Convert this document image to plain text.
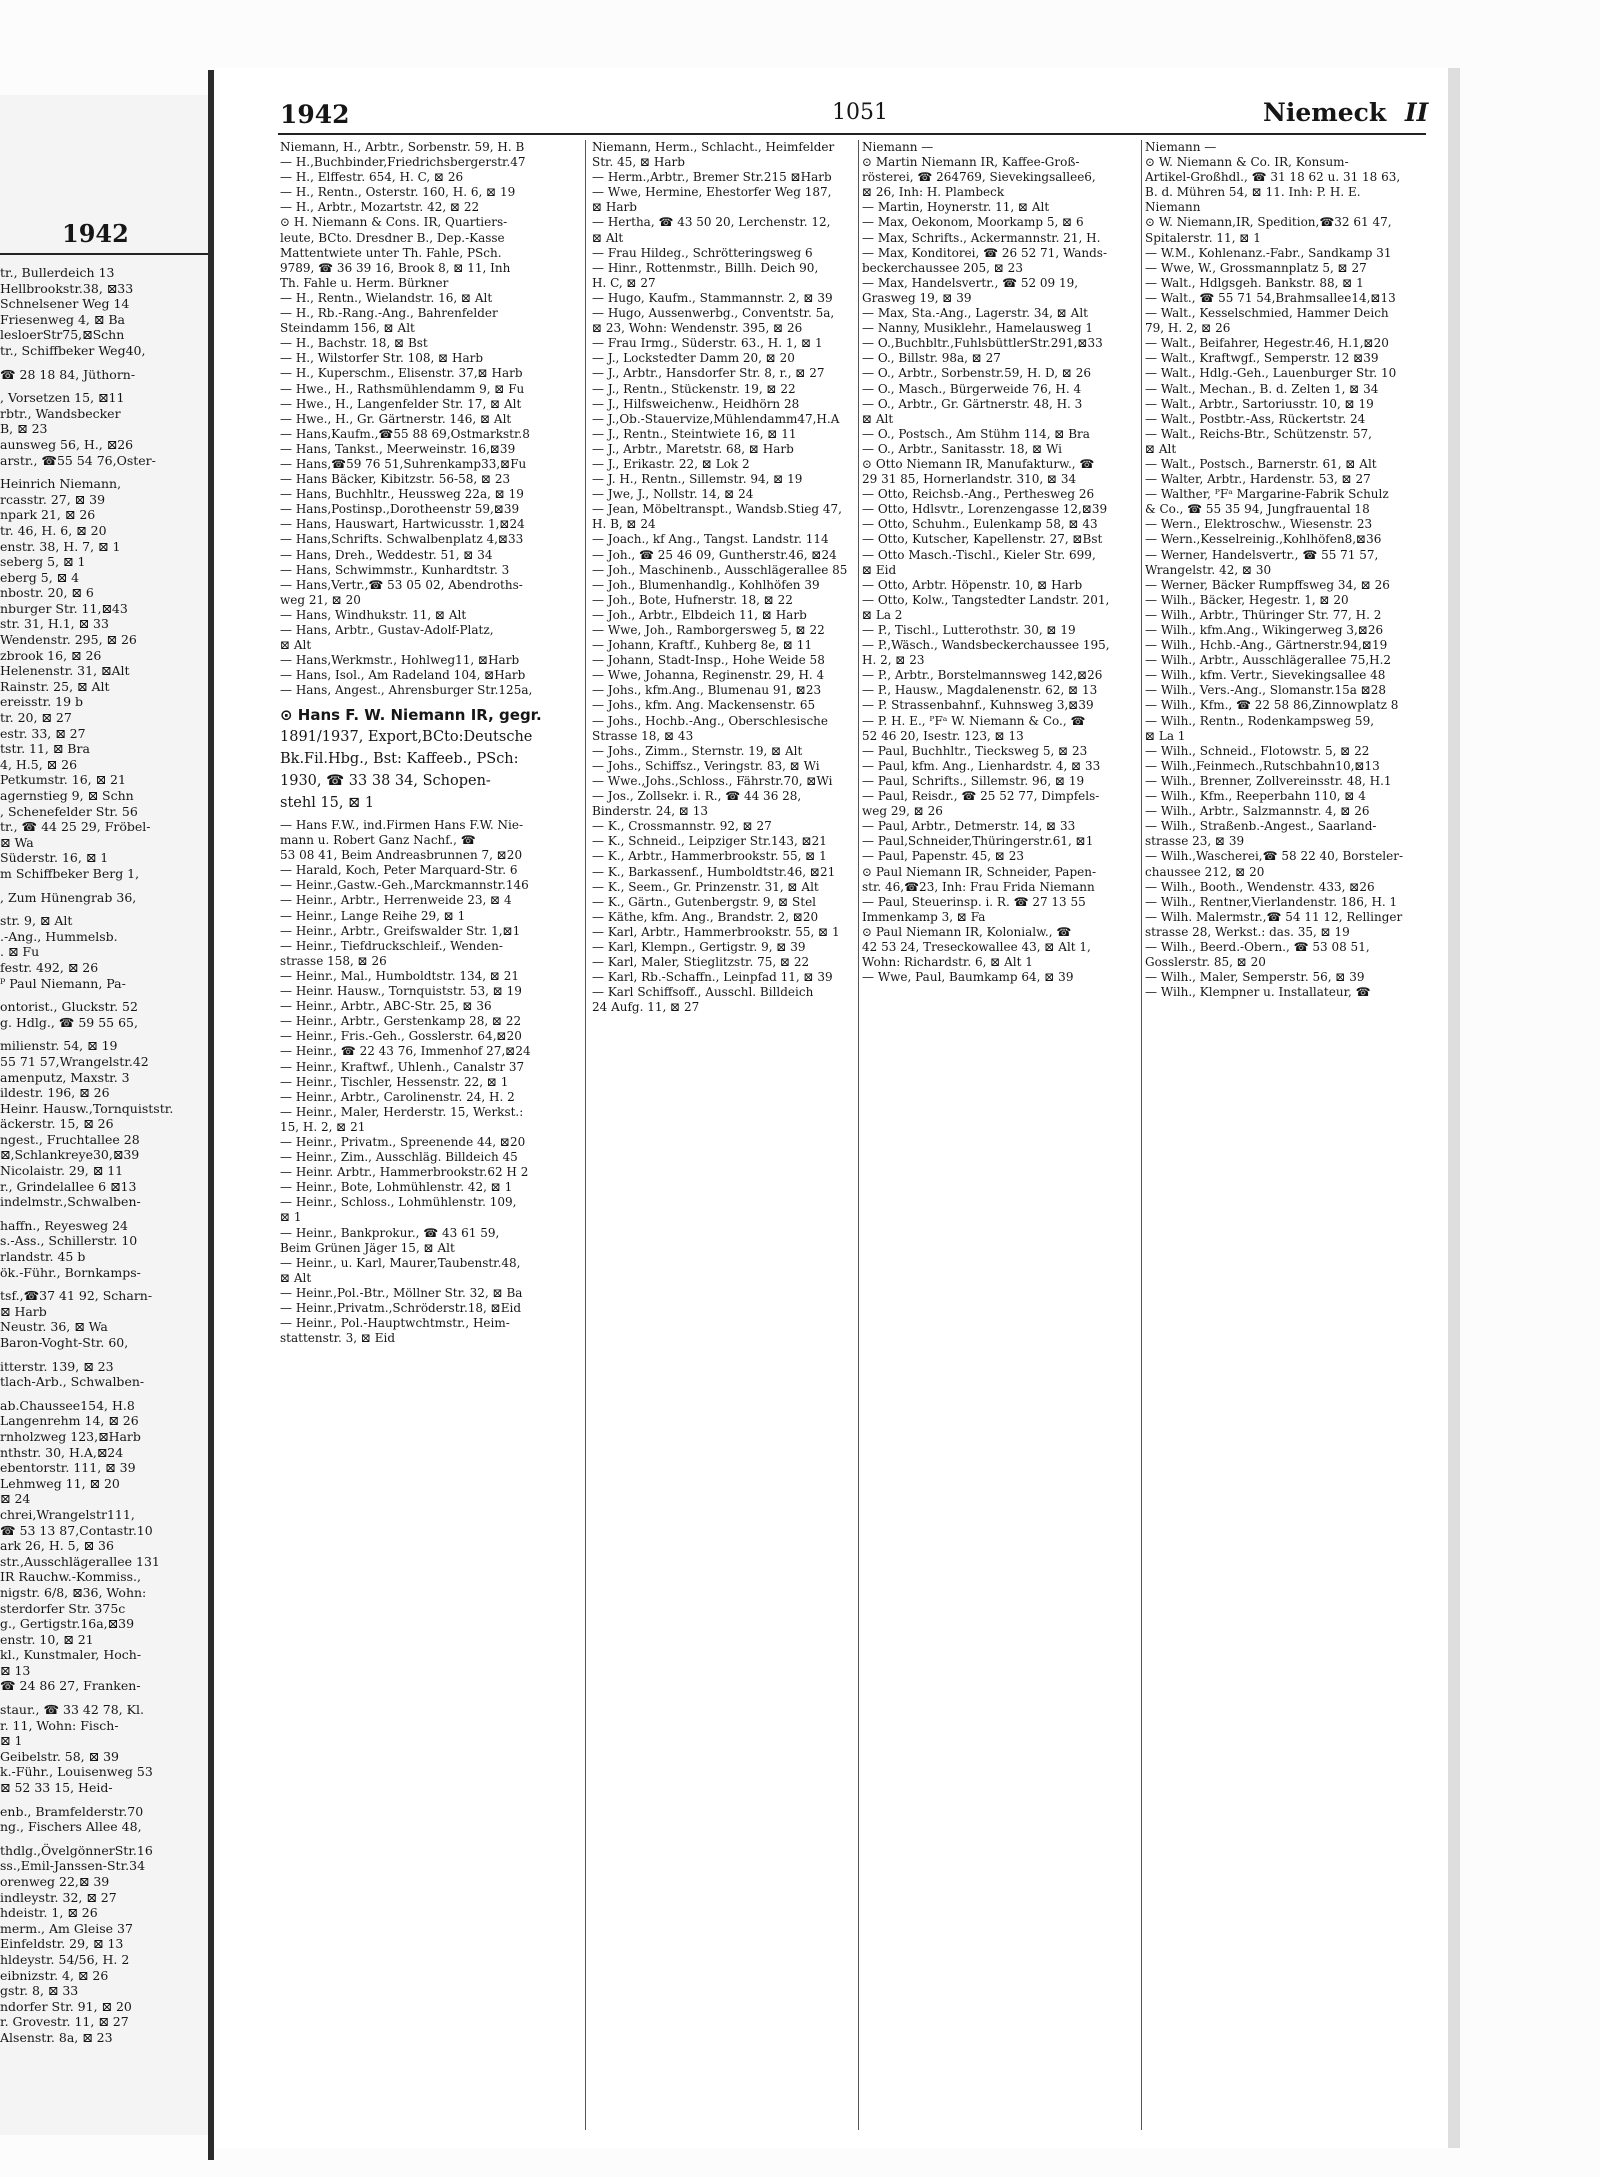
1942
tr., Bullerdeich 13
Hellbrookstr.38, ⊠33
Schnelsener Weg 14
Friesenweg 4, ⊠ Ba
lesloerStr75,⊠Schn
tr., Schiffbeker Weg40,
☎ 28 18 84, Jüthorn-
, Vorsetzen 15, ⊠11
rbtr., Wandsbecker
B, ⊠ 23
aunsweg 56, H., ⊠26
arstr., ☎55 54 76,Oster-
Heinrich Niemann,
rcasstr. 27, ⊠ 39
npark 21, ⊠ 26
tr. 46, H. 6, ⊠ 20
enstr. 38, H. 7, ⊠ 1
seberg 5, ⊠ 1
eberg 5, ⊠ 4
nbostr. 20, ⊠ 6
nburger Str. 11,⊠43
str. 31, H.1, ⊠ 33
Wendenstr. 295, ⊠ 26
zbrook 16, ⊠ 26
Helenenstr. 31, ⊠Alt
Rainstr. 25, ⊠ Alt
ereisstr. 19 b
tr. 20, ⊠ 27
estr. 33, ⊠ 27
tstr. 11, ⊠ Bra
4, H.5, ⊠ 26
Petkumstr. 16, ⊠ 21
agernstieg 9, ⊠ Schn
, Schenefelder Str. 56
tr., ☎ 44 25 29, Fröbel-
⊠ Wa
Süderstr. 16, ⊠ 1
m Schiffbeker Berg 1,
, Zum Hünengrab 36,
str. 9, ⊠ Alt
.-Ang., Hummelsb.
. ⊠ Fu
festr. 492, ⊠ 26
ᴾ Paul Niemann, Pa-
ontorist., Gluckstr. 52
g. Hdlg., ☎ 59 55 65,
milienstr. 54, ⊠ 19
55 71 57,Wrangelstr.42
amenputz, Maxstr. 3
ildestr. 196, ⊠ 26
Heinr. Hausw.,Tornquiststr.
äckerstr. 15, ⊠ 26
ngest., Fruchtallee 28
⊠,Schlankreye30,⊠39
Nicolaistr. 29, ⊠ 11
r., Grindelallee 6 ⊠13
indelmstr.,Schwalben-
haffn., Reyesweg 24
s.-Ass., Schillerstr. 10
rlandstr. 45 b
ök.-Führ., Bornkamps-
tsf.,☎37 41 92, Scharn-
⊠ Harb
Neustr. 36, ⊠ Wa
Baron-Voght-Str. 60,
itterstr. 139, ⊠ 23
tlach-Arb., Schwalben-
ab.Chaussee154, H.8
Langenrehm 14, ⊠ 26
rnholzweg 123,⊠Harb
nthstr. 30, H.A,⊠24
ebentorstr. 111, ⊠ 39
Lehmweg 11, ⊠ 20
⊠ 24
chrei,Wrangelstr111,
☎ 53 13 87,Contastr.10
ark 26, H. 5, ⊠ 36
str.,Ausschlägerallee 131
IR Rauchw.-Kommiss.,
nigstr. 6/8, ⊠36, Wohn:
sterdorfer Str. 375c
g., Gertigstr.16a,⊠39
enstr. 10, ⊠ 21
kl., Kunstmaler, Hoch-
⊠ 13
☎ 24 86 27, Franken-
staur., ☎ 33 42 78, Kl.
r. 11, Wohn: Fisch-
⊠ 1
Geibelstr. 58, ⊠ 39
k.-Führ., Louisenweg 53
⊠ 52 33 15, Heid-
enb., Bramfelderstr.70
ng., Fischers Allee 48,
thdlg.,ÖvelgönnerStr.16
ss.,Emil-Janssen-Str.34
orenweg 22,⊠ 39
indleystr. 32, ⊠ 27
hdeistr. 1, ⊠ 26
merm., Am Gleise 37
Einfeldstr. 29, ⊠ 13
hldeystr. 54/56, H. 2
eibnizstr. 4, ⊠ 26
gstr. 8, ⊠ 33
ndorfer Str. 91, ⊠ 20
r. Grovestr. 11, ⊠ 27
Alsenstr. 8a, ⊠ 23
1942	1051	Niemeck II
Niemann, H., Arbtr., Sorbenstr. 59, H. B
— H.,Buchbinder,Friedrichsbergerstr.47
— H., Elffestr. 654, H. C, ⊠ 26
— H., Rentn., Osterstr. 160, H. 6, ⊠ 19
— H., Arbtr., Mozartstr. 42, ⊠ 22
⊙ H. Niemann & Cons. IR, Quartiers-
leute, BCto. Dresdner B., Dep.-Kasse
Mattentwiete unter Th. Fahle, PSch.
9789, ☎ 36 39 16, Brook 8, ⊠ 11, Inh
Th. Fahle u. Herm. Bürkner
— H., Rentn., Wielandstr. 16, ⊠ Alt
— H., Rb.-Rang.-Ang., Bahrenfelder
Steindamm 156, ⊠ Alt
— H., Bachstr. 18, ⊠ Bst
— H., Wilstorfer Str. 108, ⊠ Harb
— H., Kuperschm., Elisenstr. 37,⊠ Harb
— Hwe., H., Rathsmühlendamm 9, ⊠ Fu
— Hwe., H., Langenfelder Str. 17, ⊠ Alt
— Hwe., H., Gr. Gärtnerstr. 146, ⊠ Alt
— Hans,Kaufm.,☎55 88 69,Ostmarkstr.8
— Hans, Tankst., Meerweinstr. 16,⊠39
— Hans,☎59 76 51,Suhrenkamp33,⊠Fu
— Hans Bäcker, Kibitzstr. 56-58, ⊠ 23
— Hans, Buchhltr., Heussweg 22a, ⊠ 19
— Hans,Postinsp.,Dorotheenstr 59,⊠39
— Hans, Hauswart, Hartwicusstr. 1,⊠24
— Hans,Schrifts. Schwalbenplatz 4,⊠33
— Hans, Dreh., Weddestr. 51, ⊠ 34
— Hans, Schwimmstr., Kunhardtstr. 3
— Hans,Vertr.,☎ 53 05 02, Abendroths-
weg 21, ⊠ 20
— Hans, Windhukstr. 11, ⊠ Alt
— Hans, Arbtr., Gustav-Adolf-Platz,
⊠ Alt
— Hans,Werkmstr., Hohlweg11, ⊠Harb
— Hans, Isol., Am Radeland 104, ⊠Harb
— Hans, Angest., Ahrensburger Str.125a,
⊙ Hans F. W. Niemann IR, gegr.
1891/1937, Export,BCto:Deutsche
Bk.Fil.Hbg., Bst: Kaffeeb., PSch:
1930, ☎ 33 38 34, Schopen-
stehl 15, ⊠ 1
— Hans F.W., ind.Firmen Hans F.W. Nie-
mann u. Robert Ganz Nachf., ☎
53 08 41, Beim Andreasbrunnen 7, ⊠20
— Harald, Koch, Peter Marquard-Str. 6
— Heinr.,Gastw.-Geh.,Marckmannstr.146
— Heinr., Arbtr., Herrenweide 23, ⊠ 4
— Heinr., Lange Reihe 29, ⊠ 1
— Heinr., Arbtr., Greifswalder Str. 1,⊠1
— Heinr., Tiefdruckschleif., Wenden-
strasse 158, ⊠ 26
— Heinr., Mal., Humboldtstr. 134, ⊠ 21
— Heinr. Hausw., Tornquiststr. 53, ⊠ 19
— Heinr., Arbtr., ABC-Str. 25, ⊠ 36
— Heinr., Arbtr., Gerstenkamp 28, ⊠ 22
— Heinr., Fris.-Geh., Gosslerstr. 64,⊠20
— Heinr., ☎ 22 43 76, Immenhof 27,⊠24
— Heinr., Kraftwf., Uhlenh., Canalstr 37
— Heinr., Tischler, Hessenstr. 22, ⊠ 1
— Heinr., Arbtr., Carolinenstr. 24, H. 2
— Heinr., Maler, Herderstr. 15, Werkst.:
15, H. 2, ⊠ 21
— Heinr., Privatm., Spreenende 44, ⊠20
— Heinr., Zim., Ausschläg. Billdeich 45
— Heinr. Arbtr., Hammerbrookstr.62 H 2
— Heinr., Bote, Lohmühlenstr. 42, ⊠ 1
— Heinr., Schloss., Lohmühlenstr. 109,
⊠ 1
— Heinr., Bankprokur., ☎ 43 61 59,
Beim Grünen Jäger 15, ⊠ Alt
— Heinr., u. Karl, Maurer,Taubenstr.48,
⊠ Alt
— Heinr.,Pol.-Btr., Möllner Str. 32, ⊠ Ba
— Heinr.,Privatm.,Schröderstr.18, ⊠Eid
— Heinr., Pol.-Hauptwchtmstr., Heim-
stattenstr. 3, ⊠ Eid
Niemann, Herm., Schlacht., Heimfelder
Str. 45, ⊠ Harb
— Herm.,Arbtr., Bremer Str.215 ⊠Harb
— Wwe, Hermine, Ehestorfer Weg 187,
⊠ Harb
— Hertha, ☎ 43 50 20, Lerchenstr. 12,
⊠ Alt
— Frau Hildeg., Schrötteringsweg 6
— Hinr., Rottenmstr., Billh. Deich 90,
H. C, ⊠ 27
— Hugo, Kaufm., Stammannstr. 2, ⊠ 39
— Hugo, Aussenwerbg., Conventstr. 5a,
⊠ 23, Wohn: Wendenstr. 395, ⊠ 26
— Frau Irmg., Süderstr. 63., H. 1, ⊠ 1
— J., Lockstedter Damm 20, ⊠ 20
— J., Arbtr., Hansdorfer Str. 8, r., ⊠ 27
— J., Rentn., Stückenstr. 19, ⊠ 22
— J., Hilfsweichenw., Heidhörn 28
— J.,Ob.-Stauervize,Mühlendamm47,H.A
— J., Rentn., Steintwiete 16, ⊠ 11
— J., Arbtr., Maretstr. 68, ⊠ Harb
— J., Erikastr. 22, ⊠ Lok 2
— J. H., Rentn., Sillemstr. 94, ⊠ 19
— Jwe, J., Nollstr. 14, ⊠ 24
— Jean, Möbeltranspt., Wandsb.Stieg 47,
H. B, ⊠ 24
— Joach., kf Ang., Tangst. Landstr. 114
— Joh., ☎ 25 46 09, Guntherstr.46, ⊠24
— Joh., Maschinenb., Ausschlägerallee 85
— Joh., Blumenhandlg., Kohlhöfen 39
— Joh., Bote, Hufnerstr. 18, ⊠ 22
— Joh., Arbtr., Elbdeich 11, ⊠ Harb
— Wwe, Joh., Ramborgersweg 5, ⊠ 22
— Johann, Kraftf., Kuhberg 8e, ⊠ 11
— Johann, Stadt-Insp., Hohe Weide 58
— Wwe, Johanna, Reginenstr. 29, H. 4
— Johs., kfm.Ang., Blumenau 91, ⊠23
— Johs., kfm. Ang. Mackensenstr. 65
— Johs., Hochb.-Ang., Oberschlesische
Strasse 18, ⊠ 43
— Johs., Zimm., Sternstr. 19, ⊠ Alt
— Johs., Schiffsz., Veringstr. 83, ⊠ Wi
— Wwe.,Johs.,Schloss., Fährstr.70, ⊠Wi
— Jos., Zollsekr. i. R., ☎ 44 36 28,
Binderstr. 24, ⊠ 13
— K., Crossmannstr. 92, ⊠ 27
— K., Schneid., Leipziger Str.143, ⊠21
— K., Arbtr., Hammerbrookstr. 55, ⊠ 1
— K., Barkassenf., Humboldtstr.46, ⊠21
— K., Seem., Gr. Prinzenstr. 31, ⊠ Alt
— K., Gärtn., Gutenbergstr. 9, ⊠ Stel
— Käthe, kfm. Ang., Brandstr. 2, ⊠20
— Karl, Arbtr., Hammerbrookstr. 55, ⊠ 1
— Karl, Klempn., Gertigstr. 9, ⊠ 39
— Karl, Maler, Stieglitzstr. 75, ⊠ 22
— Karl, Rb.-Schaffn., Leinpfad 11, ⊠ 39
— Karl Schiffsoff., Ausschl. Billdeich
24 Aufg. 11, ⊠ 27
Niemann —
⊙ Martin Niemann IR, Kaffee-Groß-
rösterei, ☎ 264769, Sievekingsallee6,
⊠ 26, Inh: H. Plambeck
— Martin, Hoynerstr. 11, ⊠ Alt
— Max, Oekonom, Moorkamp 5, ⊠ 6
— Max, Schrifts., Ackermannstr. 21, H.
— Max, Konditorei, ☎ 26 52 71, Wands-
beckerchaussee 205, ⊠ 23
— Max, Handelsvertr., ☎ 52 09 19,
Grasweg 19, ⊠ 39
— Max, Sta.-Ang., Lagerstr. 34, ⊠ Alt
— Nanny, Musiklehr., Hamelausweg 1
— O.,Buchbltr.,FuhlsbüttlerStr.291,⊠33
— O., Billstr. 98a, ⊠ 27
— O., Arbtr., Sorbenstr.59, H. D, ⊠ 26
— O., Masch., Bürgerweide 76, H. 4
— O., Arbtr., Gr. Gärtnerstr. 48, H. 3
⊠ Alt
— O., Postsch., Am Stühm 114, ⊠ Bra
— O., Arbtr., Sanitasstr. 18, ⊠ Wi
⊙ Otto Niemann IR, Manufakturw., ☎
29 31 85, Hornerlandstr. 310, ⊠ 34
— Otto, Reichsb.-Ang., Perthesweg 26
— Otto, Hdlsvtr., Lorenzengasse 12,⊠39
— Otto, Schuhm., Eulenkamp 58, ⊠ 43
— Otto, Kutscher, Kapellenstr. 27, ⊠Bst
— Otto Masch.-Tischl., Kieler Str. 699,
⊠ Eid
— Otto, Arbtr. Höpenstr. 10, ⊠ Harb
— Otto, Kolw., Tangstedter Landstr. 201,
⊠ La 2
— P., Tischl., Lutterothstr. 30, ⊠ 19
— P.,Wäsch., Wandsbeckerchaussee 195,
H. 2, ⊠ 23
— P., Arbtr., Borstelmannsweg 142,⊠26
— P., Hausw., Magdalenenstr. 62, ⊠ 13
— P. Strassenbahnf., Kuhnsweg 3,⊠39
— P. H. E., ᴾFᵃ W. Niemann & Co., ☎
52 46 20, Isestr. 123, ⊠ 13
— Paul, Buchhltr., Tiecksweg 5, ⊠ 23
— Paul, kfm. Ang., Lienhardstr. 4, ⊠ 33
— Paul, Schrifts., Sillemstr. 96, ⊠ 19
— Paul, Reisdr., ☎ 25 52 77, Dimpfels-
weg 29, ⊠ 26
— Paul, Arbtr., Detmerstr. 14, ⊠ 33
— Paul,Schneider,Thüringerstr.61, ⊠1
— Paul, Papenstr. 45, ⊠ 23
⊙ Paul Niemann IR, Schneider, Papen-
str. 46,☎23, Inh: Frau Frida Niemann
— Paul, Steuerinsp. i. R. ☎ 27 13 55
Immenkamp 3, ⊠ Fa
⊙ Paul Niemann IR, Kolonialw., ☎
42 53 24, Treseckowallee 43, ⊠ Alt 1,
Wohn: Richardstr. 6, ⊠ Alt 1
— Wwe, Paul, Baumkamp 64, ⊠ 39
Niemann —
⊙ W. Niemann & Co. IR, Konsum-
Artikel-Großhdl., ☎ 31 18 62 u. 31 18 63,
B. d. Mühren 54, ⊠ 11. Inh: P. H. E.
Niemann
⊙ W. Niemann,IR, Spedition,☎32 61 47,
Spitalerstr. 11, ⊠ 1
— W.M., Kohlenanz.-Fabr., Sandkamp 31
— Wwe, W., Grossmannplatz 5, ⊠ 27
— Walt., Hdlgsgeh. Bankstr. 88, ⊠ 1
— Walt., ☎ 55 71 54,Brahmsallee14,⊠13
— Walt., Kesselschmied, Hammer Deich
79, H. 2, ⊠ 26
— Walt., Beifahrer, Hegestr.46, H.1,⊠20
— Walt., Kraftwgf., Semperstr. 12 ⊠39
— Walt., Hdlg.-Geh., Lauenburger Str. 10
— Walt., Mechan., B. d. Zelten 1, ⊠ 34
— Walt., Arbtr., Sartoriusstr. 10, ⊠ 19
— Walt., Postbtr.-Ass, Rückertstr. 24
— Walt., Reichs-Btr., Schützenstr. 57,
⊠ Alt
— Walt., Postsch., Barnerstr. 61, ⊠ Alt
— Walter, Arbtr., Hardenstr. 53, ⊠ 27
— Walther, ᴾFᵃ Margarine-Fabrik Schulz
& Co., ☎ 55 35 94, Jungfrauental 18
— Wern., Elektroschw., Wiesenstr. 23
— Wern.,Kesselreinig.,Kohlhöfen8,⊠36
— Werner, Handelsvertr., ☎ 55 71 57,
Wrangelstr. 42, ⊠ 30
— Werner, Bäcker Rumpffsweg 34, ⊠ 26
— Wilh., Bäcker, Hegestr. 1, ⊠ 20
— Wilh., Arbtr., Thüringer Str. 77, H. 2
— Wilh., kfm.Ang., Wikingerweg 3,⊠26
— Wilh., Hchb.-Ang., Gärtnerstr.94,⊠19
— Wilh., Arbtr., Ausschlägerallee 75,H.2
— Wilh., kfm. Vertr., Sievekingsallee 48
— Wilh., Vers.-Ang., Slomanstr.15a ⊠28
— Wilh., Kfm., ☎ 22 58 86,Zinnowplatz 8
— Wilh., Rentn., Rodenkampsweg 59,
⊠ La 1
— Wilh., Schneid., Flotowstr. 5, ⊠ 22
— Wilh.,Feinmech.,Rutschbahn10,⊠13
— Wilh., Brenner, Zollvereinsstr. 48, H.1
— Wilh., Kfm., Reeperbahn 110, ⊠ 4
— Wilh., Arbtr., Salzmannstr. 4, ⊠ 26
— Wilh., Straßenb.-Angest., Saarland-
strasse 23, ⊠ 39
— Wilh.,Wascherei,☎ 58 22 40, Borsteler-
chaussee 212, ⊠ 20
— Wilh., Booth., Wendenstr. 433, ⊠26
— Wilh., Rentner,Vierlandenstr. 186, H. 1
— Wilh. Malermstr.,☎ 54 11 12, Rellinger
strasse 28, Werkst.: das. 35, ⊠ 19
— Wilh., Beerd.-Obern., ☎ 53 08 51,
Gosslerstr. 85, ⊠ 20
— Wilh., Maler, Semperstr. 56, ⊠ 39
— Wilh., Klempner u. Installateur, ☎
